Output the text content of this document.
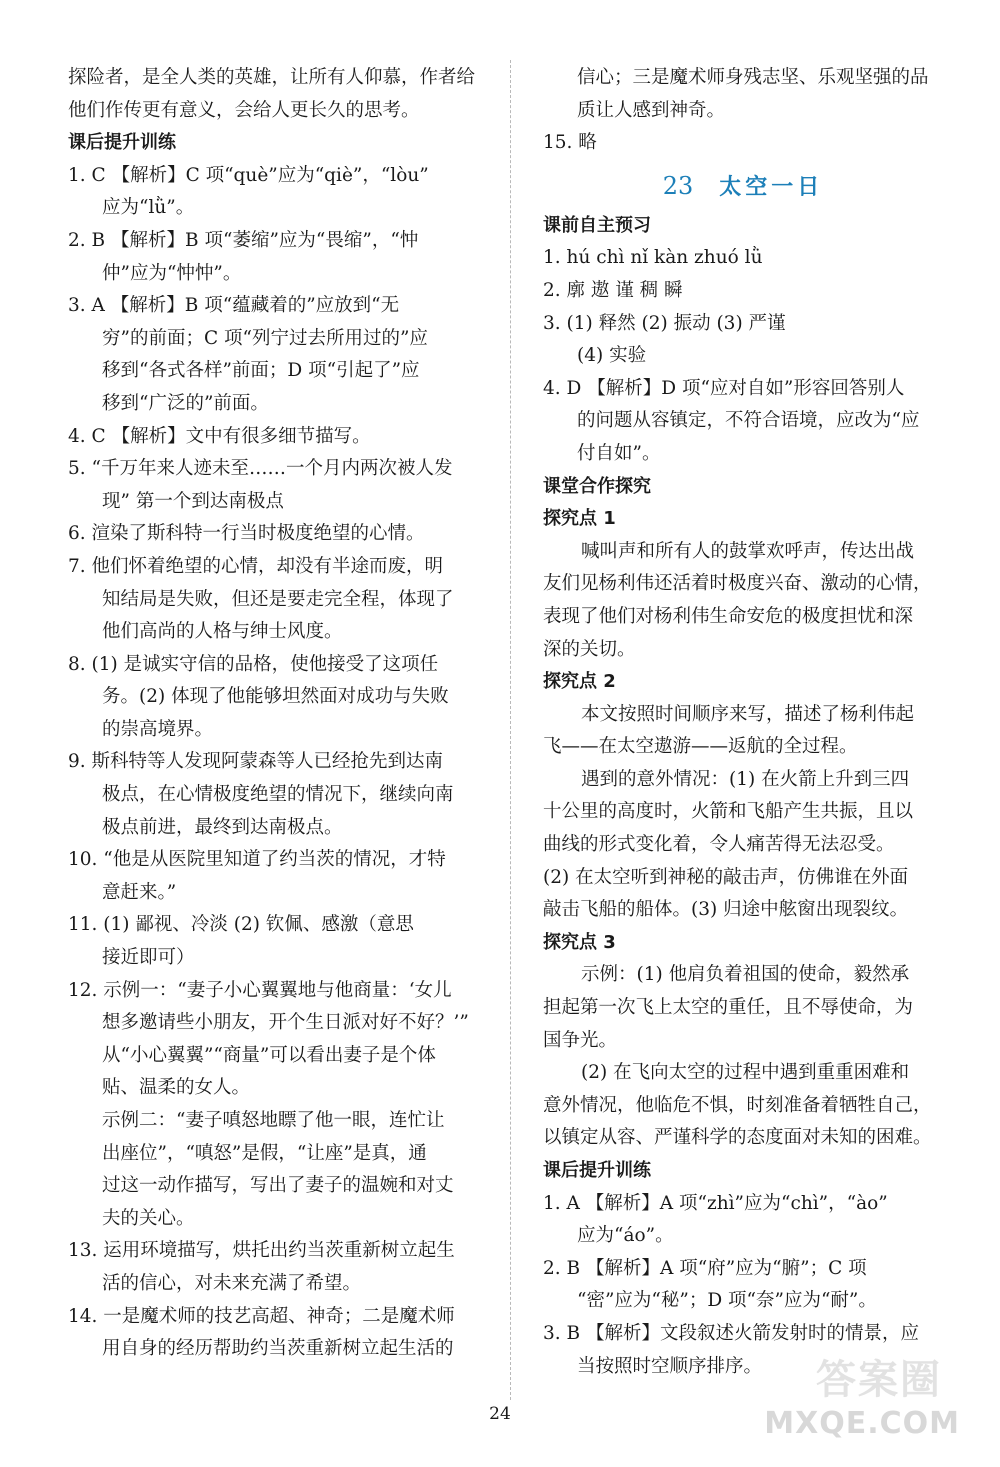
探险者，是全人类的英雄，让所有人仰慕，作者给
他们作传更有意义，会给人更长久的思考。
课后提升训练
1. C 【解析】C 项“què”应为“qiè”，“lòu”
应为“lǜ”。
2. B 【解析】B 项“萎缩”应为“畏缩”，“忡
仲”应为“忡忡”。
3. A 【解析】B 项“蕴藏着的”应放到“无
穷”的前面；C 项“列宁过去所用过的”应
移到“各式各样”前面；D 项“引起了”应
移到“广泛的”前面。
4. C 【解析】文中有很多细节描写。
5. “千万年来人迹未至……一个月内两次被人发
现” 第一个到达南极点
6. 渲染了斯科特一行当时极度绝望的心情。
7. 他们怀着绝望的心情，却没有半途而废，明
知结局是失败，但还是要走完全程，体现了
他们高尚的人格与绅士风度。
8. (1) 是诚实守信的品格，使他接受了这项任
务。(2) 体现了他能够坦然面对成功与失败
的崇高境界。
9. 斯科特等人发现阿蒙森等人已经抢先到达南
极点，在心情极度绝望的情况下，继续向南
极点前进，最终到达南极点。
10. “他是从医院里知道了约当茨的情况，才特
意赶来。”
11. (1) 鄙视、冷淡 (2) 钦佩、感激（意思
接近即可）
12. 示例一：“妻子小心翼翼地与他商量：‘女儿
想多邀请些小朋友，开个生日派对好不好？’”
从“小心翼翼”“商量”可以看出妻子是个体
贴、温柔的女人。
示例二：“妻子嗔怒地瞟了他一眼，连忙让
出座位”，“嗔怒”是假，“让座”是真，通
过这一动作描写，写出了妻子的温婉和对丈
夫的关心。
13. 运用环境描写，烘托出约当茨重新树立起生
活的信心，对未来充满了希望。
14. 一是魔术师的技艺高超、神奇；二是魔术师
用自身的经历帮助约当茨重新树立起生活的
信心；三是魔术师身残志坚、乐观坚强的品
质让人感到神奇。
15. 略
23 太空一日
课前自主预习
1. hú chì nǐ kàn zhuó lǜ
2. 廓 遨 谨 稠 瞬
3. (1) 释然 (2) 振动 (3) 严谨
(4) 实验
4. D 【解析】D 项“应对自如”形容回答别人
的问题从容镇定，不符合语境，应改为“应
付自如”。
课堂合作探究
探究点 1
喊叫声和所有人的鼓掌欢呼声，传达出战
友们见杨利伟还活着时极度兴奋、激动的心情，
表现了他们对杨利伟生命安危的极度担忧和深
深的关切。
探究点 2
本文按照时间顺序来写，描述了杨利伟起
飞——在太空遨游——返航的全过程。
遇到的意外情况：(1) 在火箭上升到三四
十公里的高度时，火箭和飞船产生共振，且以
曲线的形式变化着，令人痛苦得无法忍受。
(2) 在太空听到神秘的敲击声，仿佛谁在外面
敲击飞船的船体。(3) 归途中舷窗出现裂纹。
探究点 3
示例：(1) 他肩负着祖国的使命，毅然承
担起第一次飞上太空的重任，且不辱使命，为
国争光。
(2) 在飞向太空的过程中遇到重重困难和
意外情况，他临危不惧，时刻准备着牺牲自己，
以镇定从容、严谨科学的态度面对未知的困难。
课后提升训练
1. A 【解析】A 项“zhì”应为“chì”，“ào”
应为“áo”。
2. B 【解析】A 项“府”应为“腑”；C 项
“密”应为“秘”；D 项“奈”应为“耐”。
3. B 【解析】文段叙述火箭发射时的情景，应
当按照时空顺序排序。
24
答案圈
MXQE.COM
